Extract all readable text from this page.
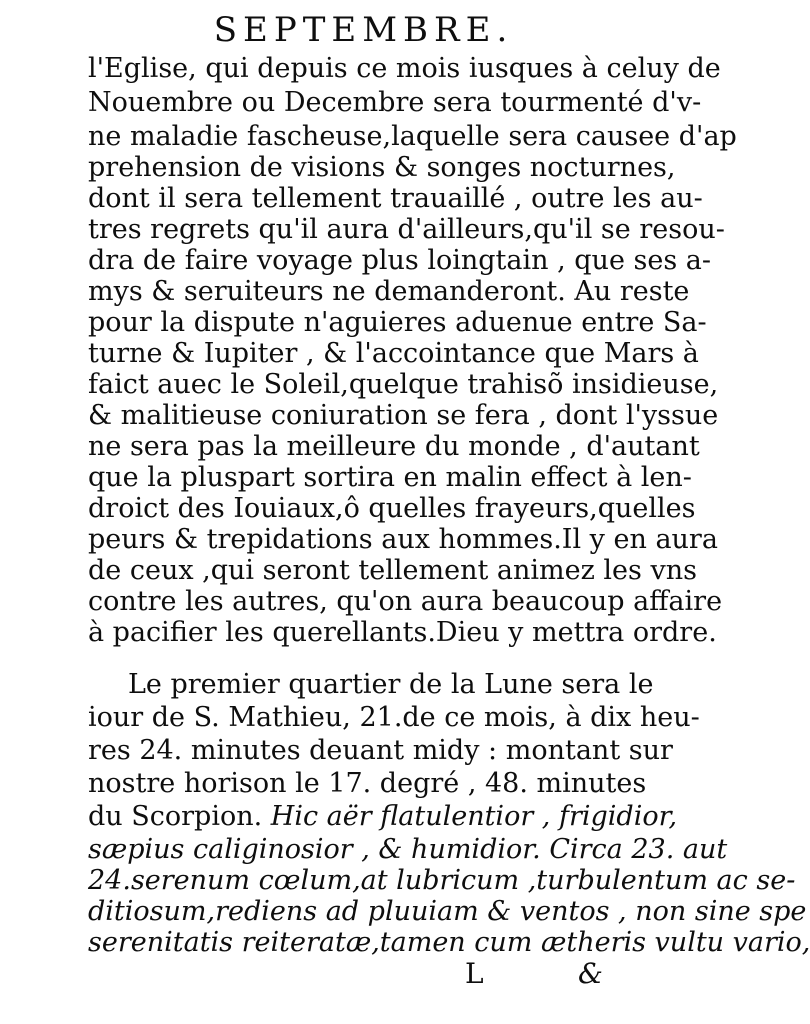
SEPTEMBRE.
l'Eglise, qui depuis ce mois iusques à celuy de
Nouembre ou Decembre sera tourmenté d'v-
ne maladie fascheuse,laquelle sera causee d'ap
prehension de visions & songes nocturnes,
dont il sera tellement trauaillé , outre les au-
tres regrets qu'il aura d'ailleurs,qu'il se resou-
dra de faire voyage plus loingtain , que ses a-
mys & seruiteurs ne demanderont. Au reste
pour la dispute n'aguieres aduenue entre Sa-
turne & Iupiter , & l'accointance que Mars à
faict auec le Soleil,quelque trahisõ insidieuse,
& malitieuse coniuration se fera , dont l'yssue
ne sera pas la meilleure du monde , d'autant
que la pluspart sortira en malin effect à len-
droict des Iouiaux,ô quelles frayeurs,quelles
peurs & trepidations aux hommes.Il y en aura
de ceux ,qui seront tellement animez les vns
contre les autres, qu'on aura beaucoup affaire
à pacifier les querellants.Dieu y mettra ordre.
Le premier quartier de la Lune sera le
iour de S. Mathieu, 21.de ce mois, à dix heu-
res 24. minutes deuant midy : montant sur
nostre horison le 17. degré , 48. minutes
du Scorpion. Hic aër flatulentior , frigidior,
sæpius caliginosior , & humidior. Circa 23. aut
24.serenum cœlum,at lubricum ,turbulentum ac se-
ditiosum,rediens ad pluuiam & ventos , non sine spe
serenitatis reiteratæ,tamen cum ætheris vultu vario,
L	&
